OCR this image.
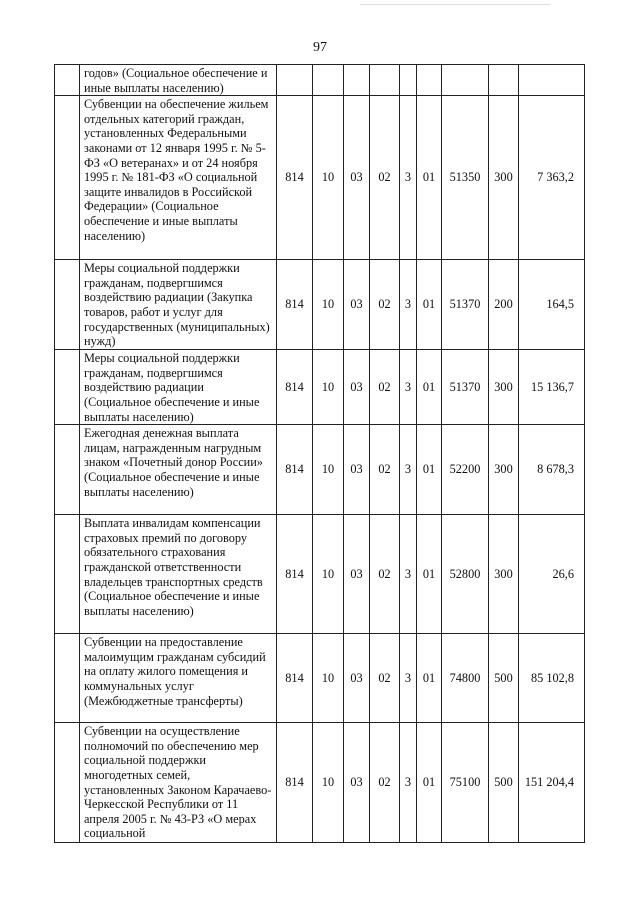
97
	годов» (Социальное обеспечение и иные выплаты населению)									
	Субвенции на обеспечение жильем отдельных категорий граждан, установленных Федеральными законами от 12 января 1995 г. № 5-ФЗ «О ветеранах» и от 24 ноября 1995 г. № 181-ФЗ «О социальной защите инвалидов в Российской Федерации» (Социальное обеспечение и иные выплаты населению)	814	10	03	02	3	01	51350	300	7 363,2
	Меры социальной поддержки гражданам, подвергшимся воздействию радиации (Закупка товаров, работ и услуг для государственных (муниципальных) нужд)	814	10	03	02	3	01	51370	200	164,5
	Меры социальной поддержки гражданам, подвергшимся воздействию радиации (Социальное обеспечение и иные выплаты населению)	814	10	03	02	3	01	51370	300	15 136,7
	Ежегодная денежная выплата лицам, награжденным нагрудным знаком «Почетный донор России» (Социальное обеспечение и иные выплаты населению)	814	10	03	02	3	01	52200	300	8 678,3
	Выплата инвалидам компенсации страховых премий по договору обязательного страхования гражданской ответственности владельцев транспортных средств (Социальное обеспечение и иные выплаты населению)	814	10	03	02	3	01	52800	300	26,6
	Субвенции на предоставление малоимущим гражданам субсидий на оплату жилого помещения и коммунальных услуг (Межбюджетные трансферты)	814	10	03	02	3	01	74800	500	85 102,8
	Субвенции на осуществление полномочий по обеспечению мер социальной поддержки многодетных семей, установленных Законом Карачаево-Черкесской Республики от 11 апреля 2005 г. № 43-РЗ «О мерах социальной	814	10	03	02	3	01	75100	500	151 204,4
